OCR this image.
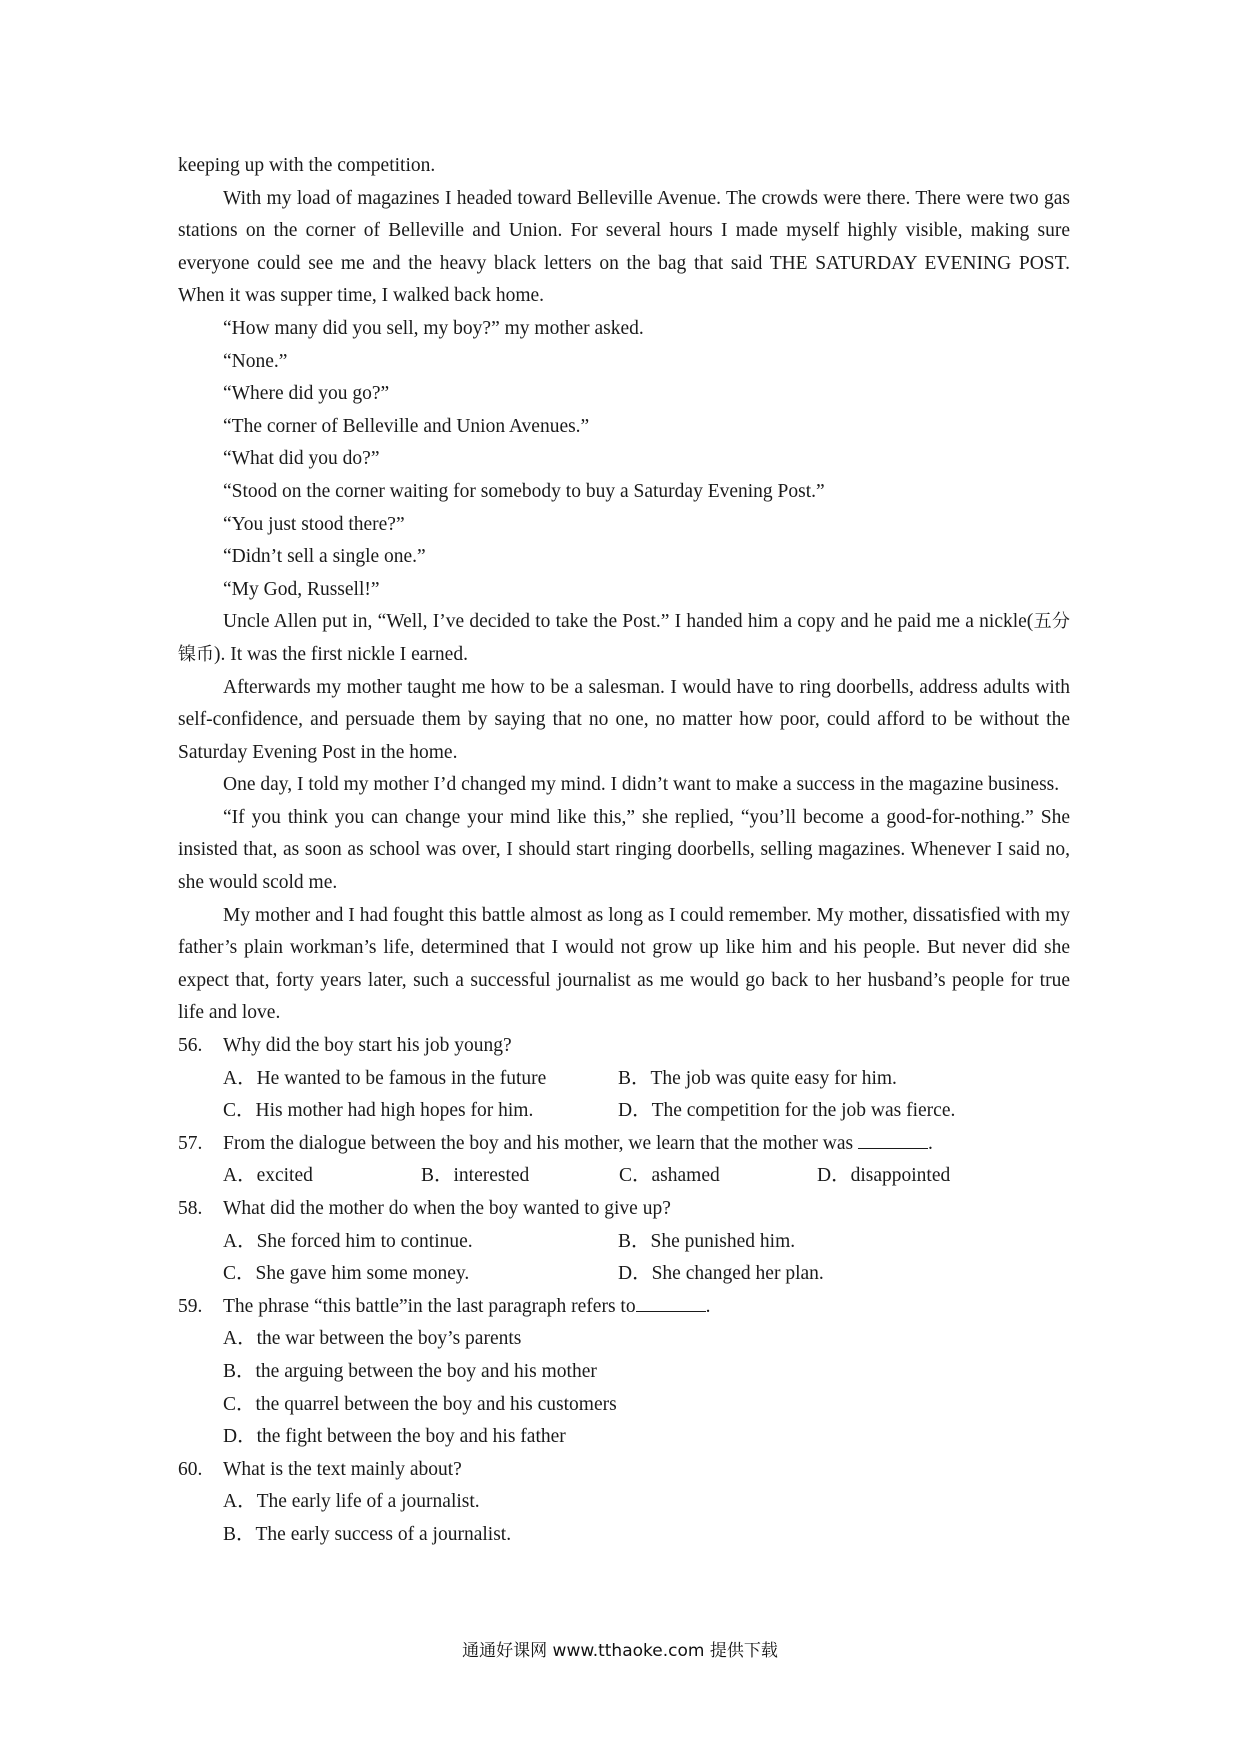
keeping up with the competition.

With my load of magazines I headed toward Belleville Avenue. The crowds were there. There were two gas stations on the corner of Belleville and Union. For several hours I made myself highly visible, making sure everyone could see me and the heavy black letters on the bag that said THE SATURDAY EVENING POST. When it was supper time, I walked back home.

“How many did you sell, my boy?” my mother asked.

“None.”

“Where did you go?”

“The corner of Belleville and Union Avenues.”

“What did you do?”

“Stood on the corner waiting for somebody to buy a Saturday Evening Post.”

“You just stood there?”

“Didn’t sell a single one.”

“My God, Russell!”

Uncle Allen put in, “Well, I’ve decided to take the Post.” I handed him a copy and he paid me a nickle(五分镍币). It was the first nickle I earned.

Afterwards my mother taught me how to be a salesman. I would have to ring doorbells, address adults with self-confidence, and persuade them by saying that no one, no matter how poor, could afford to be without the Saturday Evening Post in the home.

One day, I told my mother I’d changed my mind. I didn’t want to make a success in the magazine business.

“If you think you can change your mind like this,” she replied, “you’ll become a good-for-nothing.” She insisted that, as soon as school was over, I should start ringing doorbells, selling magazines. Whenever I said no, she would scold me.

My mother and I had fought this battle almost as long as I could remember. My mother, dissatisfied with my father’s plain workman’s life, determined that I would not grow up like him and his people. But never did she expect that, forty years later, such a successful journalist as me would go back to her husband’s people for true life and love.

56. Why did the boy start his job young?

A．He wanted to be famous in the future	B．The job was quite easy for him.
C．His mother had high hopes for him.	D．The competition for the job was fierce.

57. From the dialogue between the boy and his mother, we learn that the mother was	.

A．excited	B．interested	C．ashamed	D．disappointed

58. What did the mother do when the boy wanted to give up?

A．She forced him to continue.	B．She punished him.
C．She gave him some money.	D．She changed her plan.

59. The phrase “this battle”in the last paragraph refers to	.

A．the war between the boy’s parents
B．the arguing between the boy and his mother
C．the quarrel between the boy and his customers
D．the fight between the boy and his father

60. What is the text mainly about?

A．The early life of a journalist.
B．The early success of a journalist.
通通好课网 www.tthaoke.com 提供下载
